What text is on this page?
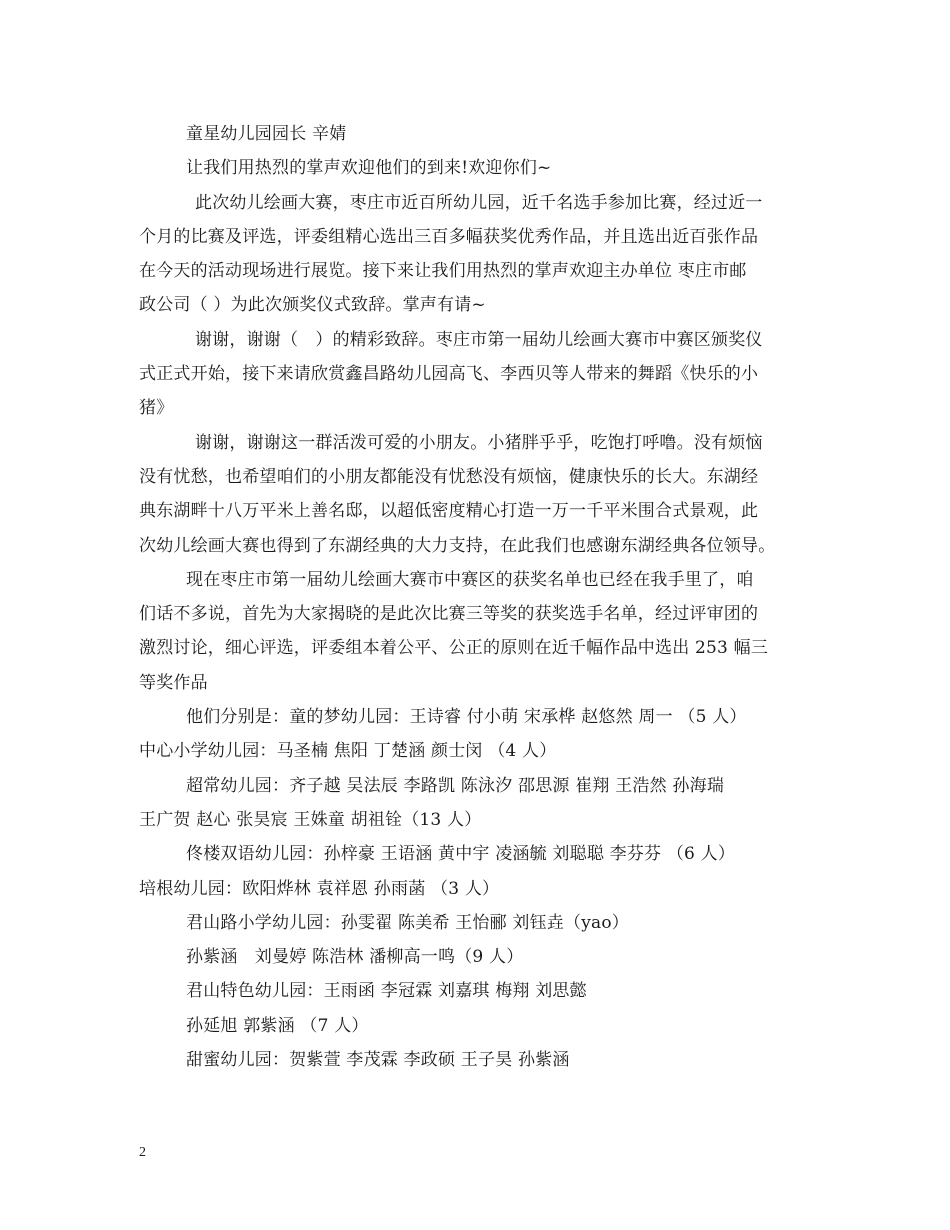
童星幼儿园园长 辛婧
让我们用热烈的掌声欢迎他们的到来!欢迎你们~
此次幼儿绘画大赛，枣庄市近百所幼儿园，近千名选手参加比赛，经过近一
个月的比赛及评选，评委组精心选出三百多幅获奖优秀作品，并且选出近百张作品
在今天的活动现场进行展览。接下来让我们用热烈的掌声欢迎主办单位 枣庄市邮
政公司（ ）为此次颁奖仪式致辞。掌声有请~
谢谢，谢谢（　）的精彩致辞。枣庄市第一届幼儿绘画大赛市中赛区颁奖仪
式正式开始，接下来请欣赏鑫昌路幼儿园高飞、李西贝等人带来的舞蹈《快乐的小
猪》
谢谢，谢谢这一群活泼可爱的小朋友。小猪胖乎乎，吃饱打呼噜。没有烦恼
没有忧愁，也希望咱们的小朋友都能没有忧愁没有烦恼，健康快乐的长大。东湖经
典东湖畔十八万平米上善名邸，以超低密度精心打造一万一千平米围合式景观，此
次幼儿绘画大赛也得到了东湖经典的大力支持，在此我们也感谢东湖经典各位领导。
现在枣庄市第一届幼儿绘画大赛市中赛区的获奖名单也已经在我手里了，咱
们话不多说，首先为大家揭晓的是此次比赛三等奖的获奖选手名单，经过评审团的
激烈讨论，细心评选，评委组本着公平、公正的原则在近千幅作品中选出 253 幅三
等奖作品
他们分别是：童的梦幼儿园：王诗睿 付小萌 宋承桦 赵悠然 周一 （5 人）
中心小学幼儿园：马圣楠 焦阳 丁楚涵 颜士闵 （4 人）
超常幼儿园：齐子越 吴法辰 李路凯 陈泳汐 邵思源 崔翔 王浩然 孙海瑞
王广贺 赵心 张昊宸 王姝童 胡祖铨（13 人）
佟楼双语幼儿园：孙梓豪 王语涵 黄中宇 凌涵毓 刘聪聪 李芬芬 （6 人）
培根幼儿园：欧阳烨林 袁祥恩 孙雨菡 （3 人）
君山路小学幼儿园：孙雯翟 陈美希 王怡郦 刘钰垚（yao）
孙紫涵　刘曼婷 陈浩林 潘柳高一鸣（9 人）
君山特色幼儿园：王雨函 李冠霖 刘嘉琪 梅翔 刘思懿
孙延旭 郭紫涵 （7 人）
甜蜜幼儿园：贺紫萱 李茂霖 李政硕 王子昊 孙紫涵
2
